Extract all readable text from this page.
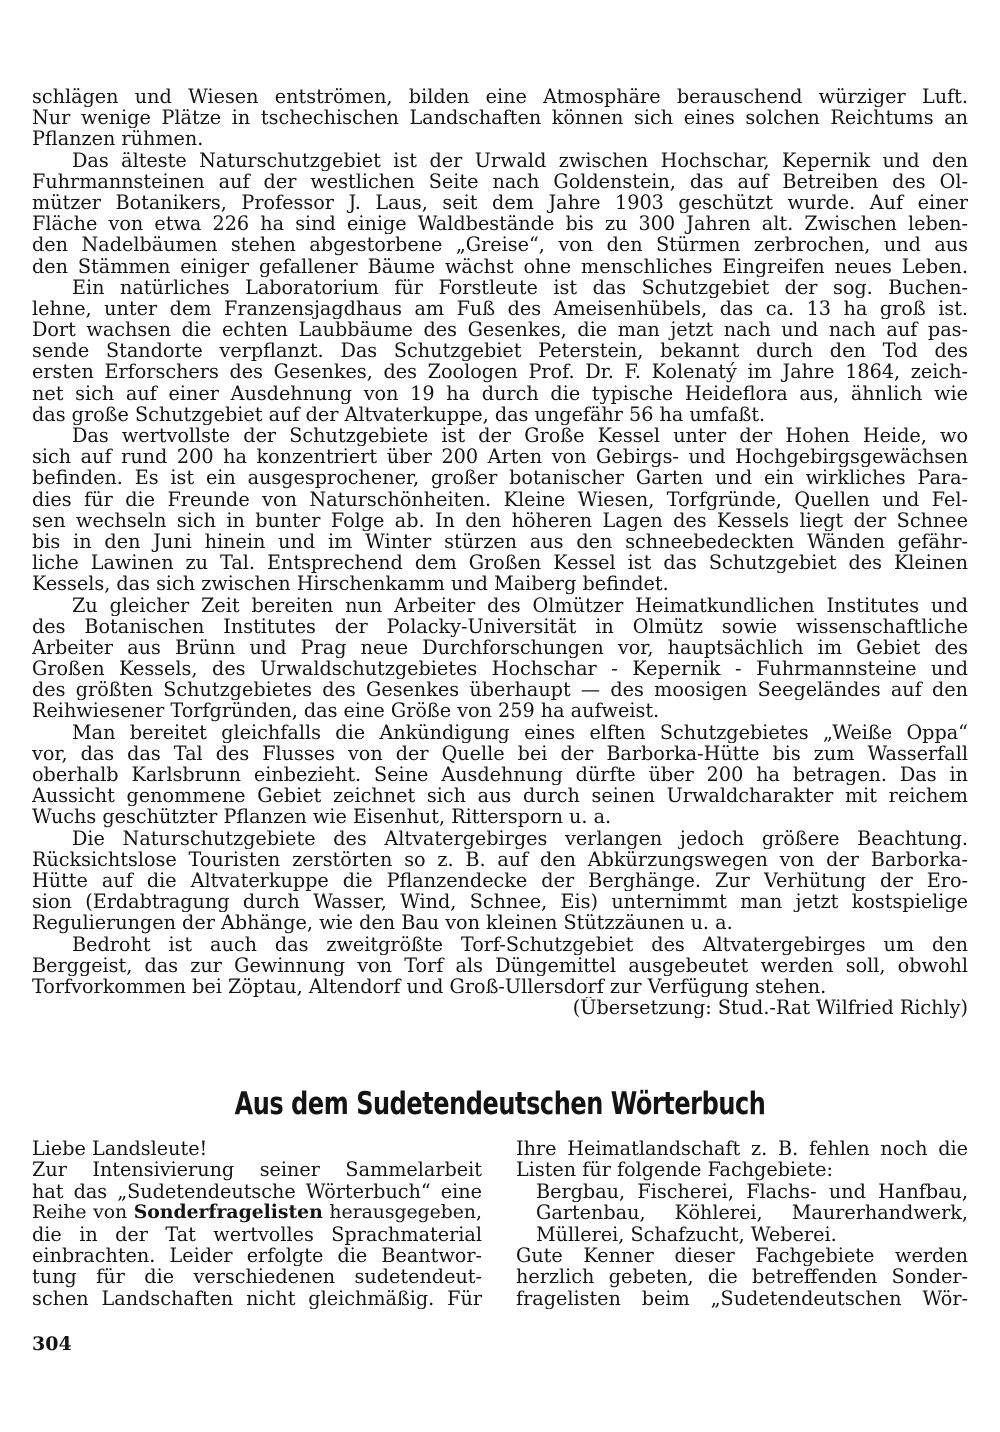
schlägen und Wiesen entströmen, bilden eine Atmosphäre berauschend würziger Luft.
Nur wenige Plätze in tschechischen Landschaften können sich eines solchen Reichtums an
Pflanzen rühmen.
Das älteste Naturschutzgebiet ist der Urwald zwischen Hochschar, Kepernik und den
Fuhrmannsteinen auf der westlichen Seite nach Goldenstein, das auf Betreiben des Ol-
mützer Botanikers, Professor J. Laus, seit dem Jahre 1903 geschützt wurde. Auf einer
Fläche von etwa 226 ha sind einige Waldbestände bis zu 300 Jahren alt. Zwischen leben-
den Nadelbäumen stehen abgestorbene „Greise“, von den Stürmen zerbrochen, und aus
den Stämmen einiger gefallener Bäume wächst ohne menschliches Eingreifen neues Leben.
Ein natürliches Laboratorium für Forstleute ist das Schutzgebiet der sog. Buchen-
lehne, unter dem Franzensjagdhaus am Fuß des Ameisenhübels, das ca. 13 ha groß ist.
Dort wachsen die echten Laubbäume des Gesenkes, die man jetzt nach und nach auf pas-
sende Standorte verpflanzt. Das Schutzgebiet Peterstein, bekannt durch den Tod des
ersten Erforschers des Gesenkes, des Zoologen Prof. Dr. F. Kolenatý im Jahre 1864, zeich-
net sich auf einer Ausdehnung von 19 ha durch die typische Heideflora aus, ähnlich wie
das große Schutzgebiet auf der Altvaterkuppe, das ungefähr 56 ha umfaßt.
Das wertvollste der Schutzgebiete ist der Große Kessel unter der Hohen Heide, wo
sich auf rund 200 ha konzentriert über 200 Arten von Gebirgs- und Hochgebirgsgewächsen
befinden. Es ist ein ausgesprochener, großer botanischer Garten und ein wirkliches Para-
dies für die Freunde von Naturschönheiten. Kleine Wiesen, Torfgründe, Quellen und Fel-
sen wechseln sich in bunter Folge ab. In den höheren Lagen des Kessels liegt der Schnee
bis in den Juni hinein und im Winter stürzen aus den schneebedeckten Wänden gefähr-
liche Lawinen zu Tal. Entsprechend dem Großen Kessel ist das Schutzgebiet des Kleinen
Kessels, das sich zwischen Hirschenkamm und Maiberg befindet.
Zu gleicher Zeit bereiten nun Arbeiter des Olmützer Heimatkundlichen Institutes und
des Botanischen Institutes der Polacky-Universität in Olmütz sowie wissenschaftliche
Arbeiter aus Brünn und Prag neue Durchforschungen vor, hauptsächlich im Gebiet des
Großen Kessels, des Urwaldschutzgebietes Hochschar - Kepernik - Fuhrmannsteine und
des größten Schutzgebietes des Gesenkes überhaupt — des moosigen Seegeländes auf den
Reihwiesener Torfgründen, das eine Größe von 259 ha aufweist.
Man bereitet gleichfalls die Ankündigung eines elften Schutzgebietes „Weiße Oppa“
vor, das das Tal des Flusses von der Quelle bei der Barborka-Hütte bis zum Wasserfall
oberhalb Karlsbrunn einbezieht. Seine Ausdehnung dürfte über 200 ha betragen. Das in
Aussicht genommene Gebiet zeichnet sich aus durch seinen Urwaldcharakter mit reichem
Wuchs geschützter Pflanzen wie Eisenhut, Rittersporn u. a.
Die Naturschutzgebiete des Altvatergebirges verlangen jedoch größere Beachtung.
Rücksichtslose Touristen zerstörten so z. B. auf den Abkürzungswegen von der Barborka-
Hütte auf die Altvaterkuppe die Pflanzendecke der Berghänge. Zur Verhütung der Ero-
sion (Erdabtragung durch Wasser, Wind, Schnee, Eis) unternimmt man jetzt kostspielige
Regulierungen der Abhänge, wie den Bau von kleinen Stützzäunen u. a.
Bedroht ist auch das zweitgrößte Torf-Schutzgebiet des Altvatergebirges um den
Berggeist, das zur Gewinnung von Torf als Düngemittel ausgebeutet werden soll, obwohl
Torfvorkommen bei Zöptau, Altendorf und Groß-Ullersdorf zur Verfügung stehen.
(Übersetzung: Stud.-Rat Wilfried Richly)
Aus dem Sudetendeutschen Wörterbuch
Liebe Landsleute!
Zur Intensivierung seiner Sammelarbeit
hat das „Sudetendeutsche Wörterbuch“ eine
Reihe von Sonderfragelisten herausgegeben,
die in der Tat wertvolles Sprachmaterial
einbrachten. Leider erfolgte die Beantwor-
tung für die verschiedenen sudetendeut-
schen Landschaften nicht gleichmäßig. Für
Ihre Heimatlandschaft z. B. fehlen noch die
Listen für folgende Fachgebiete:
Bergbau, Fischerei, Flachs- und Hanfbau,
Gartenbau, Köhlerei, Maurerhandwerk,
Müllerei, Schafzucht, Weberei.
Gute Kenner dieser Fachgebiete werden
herzlich gebeten, die betreffenden Sonder-
fragelisten beim „Sudetendeutschen Wör-
304
